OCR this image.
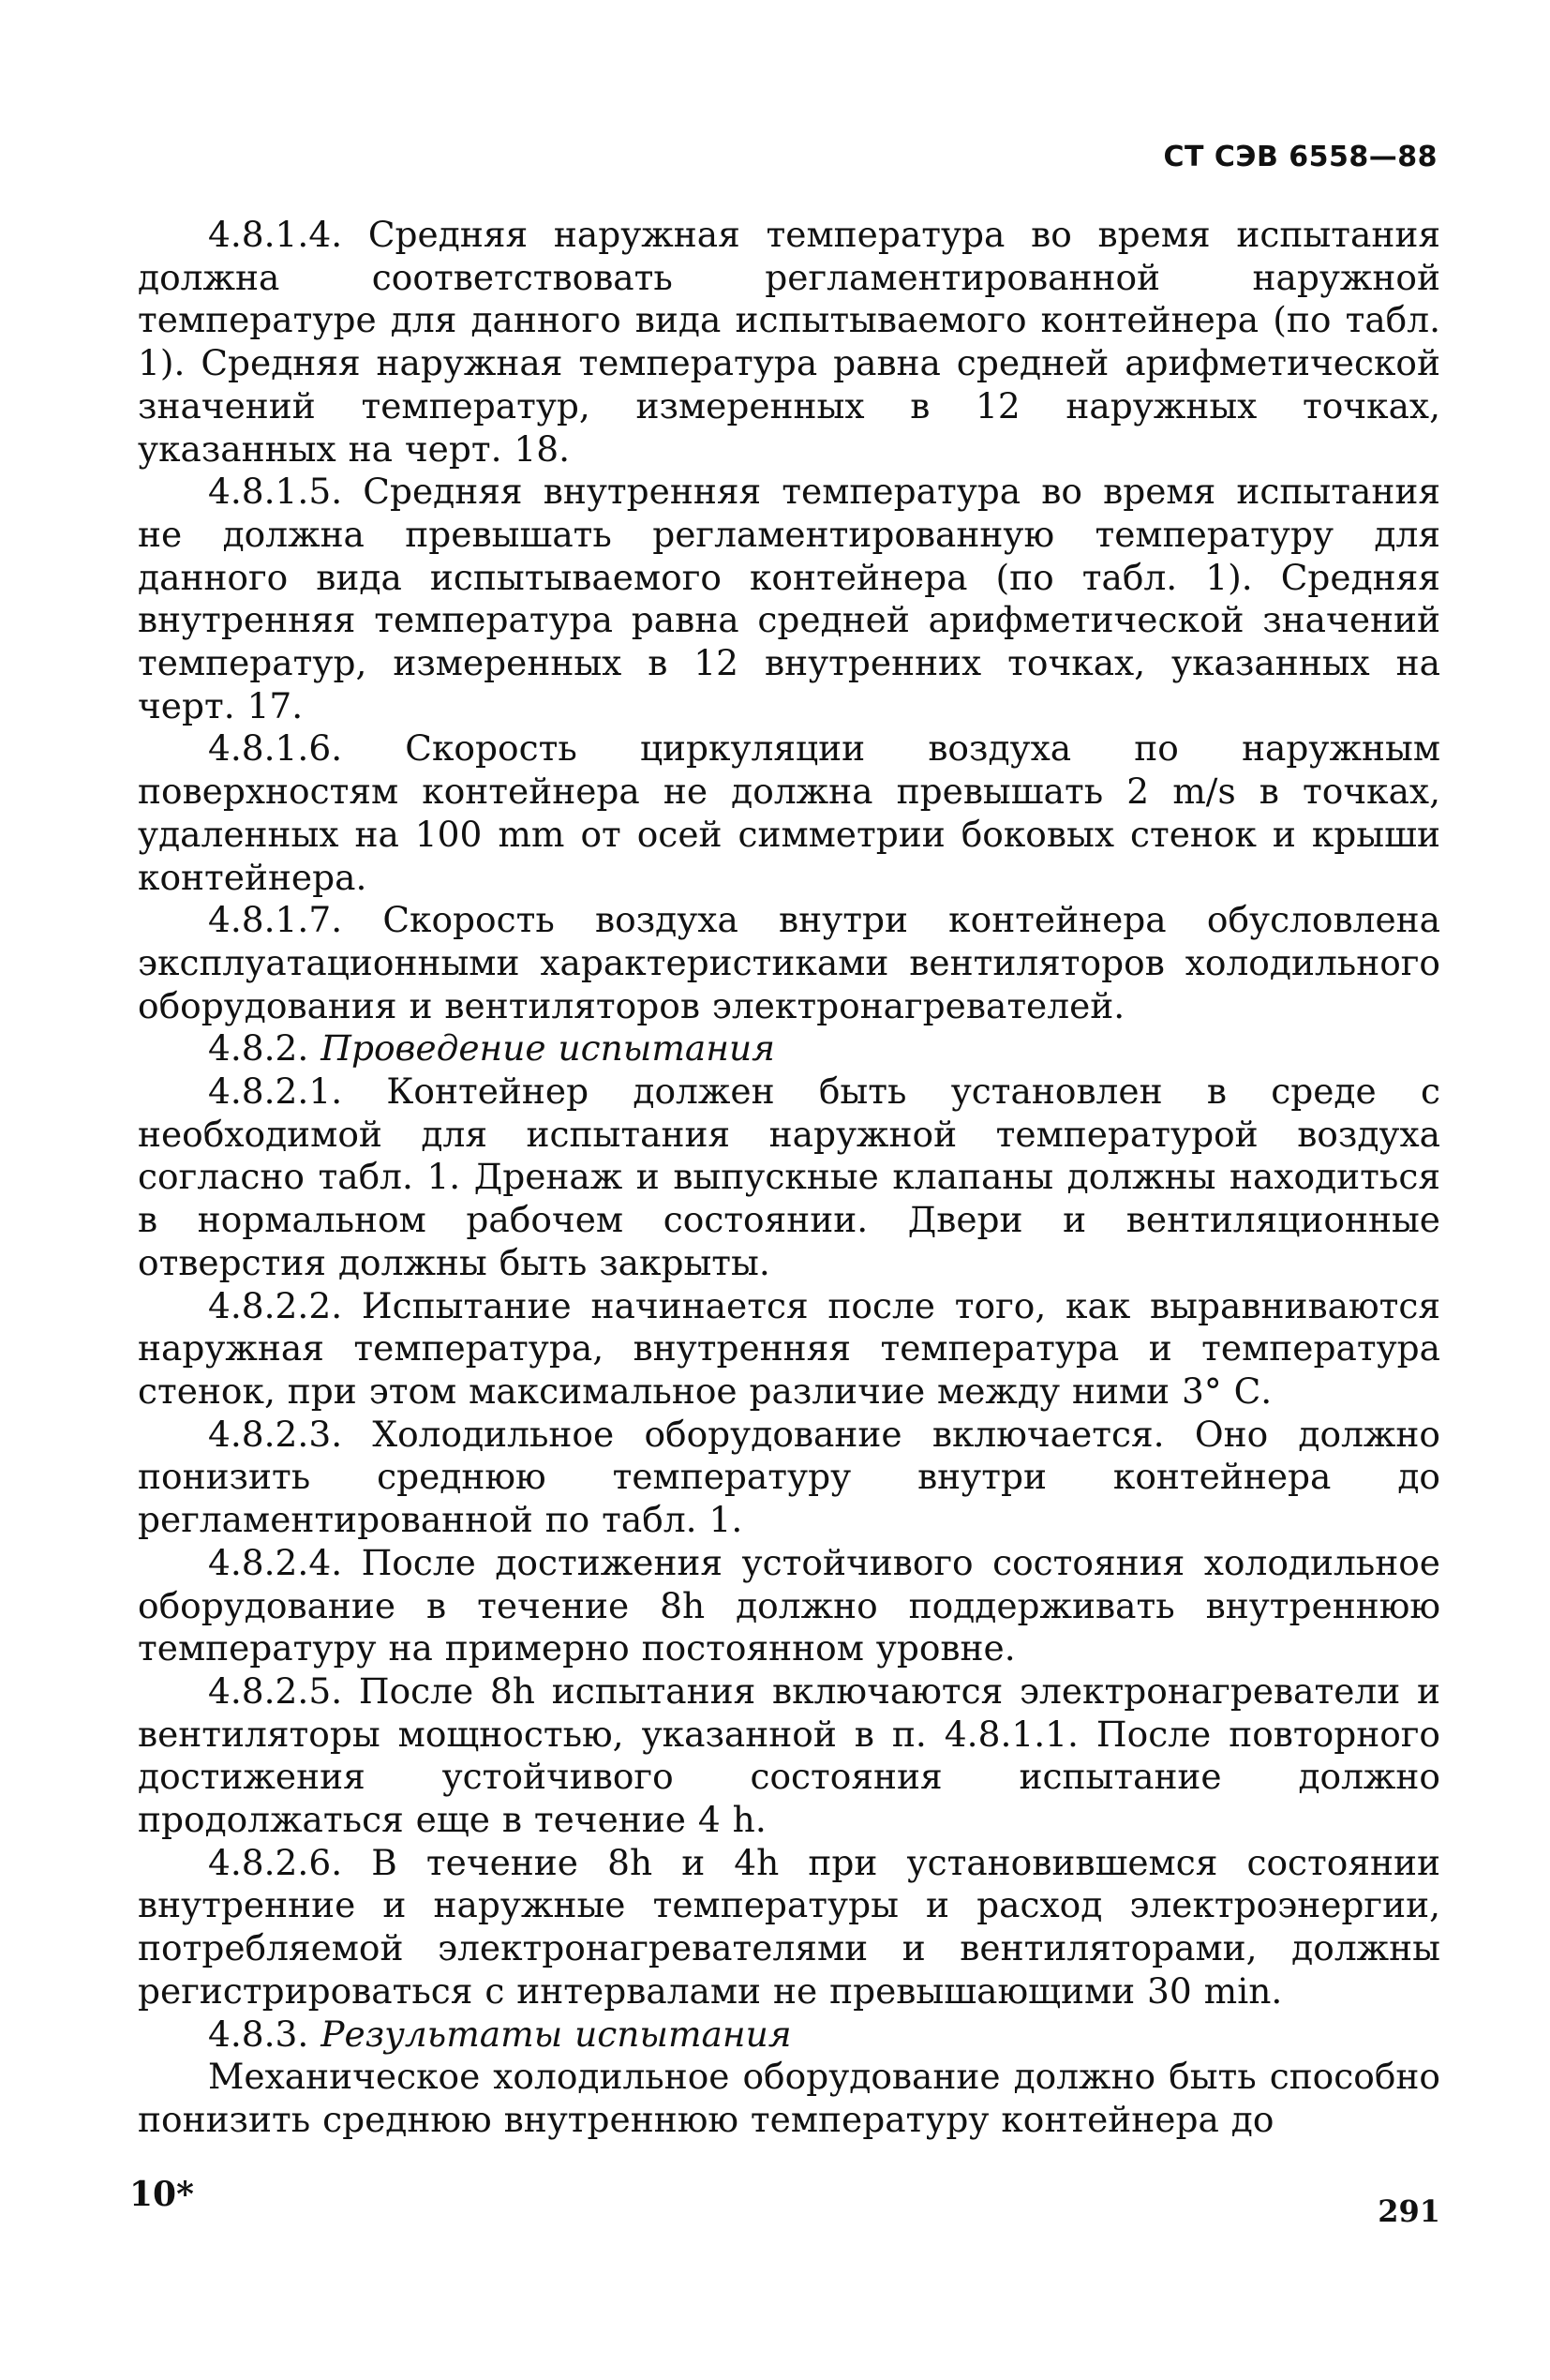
СТ СЭВ 6558—88

4.8.1.4. Средняя наружная температура во время испытания должна соответствовать регламентированной наружной температуре для данного вида испытываемого контейнера (по табл. 1). Средняя наружная температура равна средней арифметической значений температур, измеренных в 12 наружных точках, указанных на черт. 18.

4.8.1.5. Средняя внутренняя температура во время испытания не должна превышать регламентированную температуру для данного вида испытываемого контейнера (по табл. 1). Средняя внутренняя температура равна средней арифметической значений температур, измеренных в 12 внутренних точках, указанных на черт. 17.

4.8.1.6. Скорость циркуляции воздуха по наружным поверхностям контейнера не должна превышать 2 m/s в точках, удаленных на 100 mm от осей симметрии боковых стенок и крыши контейнера.

4.8.1.7. Скорость воздуха внутри контейнера обусловлена эксплуатационными характеристиками вентиляторов холодильного оборудования и вентиляторов электронагревателей.

4.8.2. Проведение испытания

4.8.2.1. Контейнер должен быть установлен в среде с необходимой для испытания наружной температурой воздуха согласно табл. 1. Дренаж и выпускные клапаны должны находиться в нормальном рабочем состоянии. Двери и вентиляционные отверстия должны быть закрыты.

4.8.2.2. Испытание начинается после того, как выравниваются наружная температура, внутренняя температура и температура стенок, при этом максимальное различие между ними 3° С.

4.8.2.3. Холодильное оборудование включается. Оно должно понизить среднюю температуру внутри контейнера до регламентированной по табл. 1.

4.8.2.4. После достижения устойчивого состояния холодильное оборудование в течение 8h должно поддерживать внутреннюю температуру на примерно постоянном уровне.

4.8.2.5. После 8h испытания включаются электронагреватели и вентиляторы мощностью, указанной в п. 4.8.1.1. После повторного достижения устойчивого состояния испытание должно продолжаться еще в течение 4 h.

4.8.2.6. В течение 8h и 4h при установившемся состоянии внутренние и наружные температуры и расход электроэнергии, потребляемой электронагревателями и вентиляторами, должны регистрироваться с интервалами не превышающими 30 min.

4.8.3. Результаты испытания

Механическое холодильное оборудование должно быть способно понизить среднюю внутреннюю температуру контейнера до

10*	291
